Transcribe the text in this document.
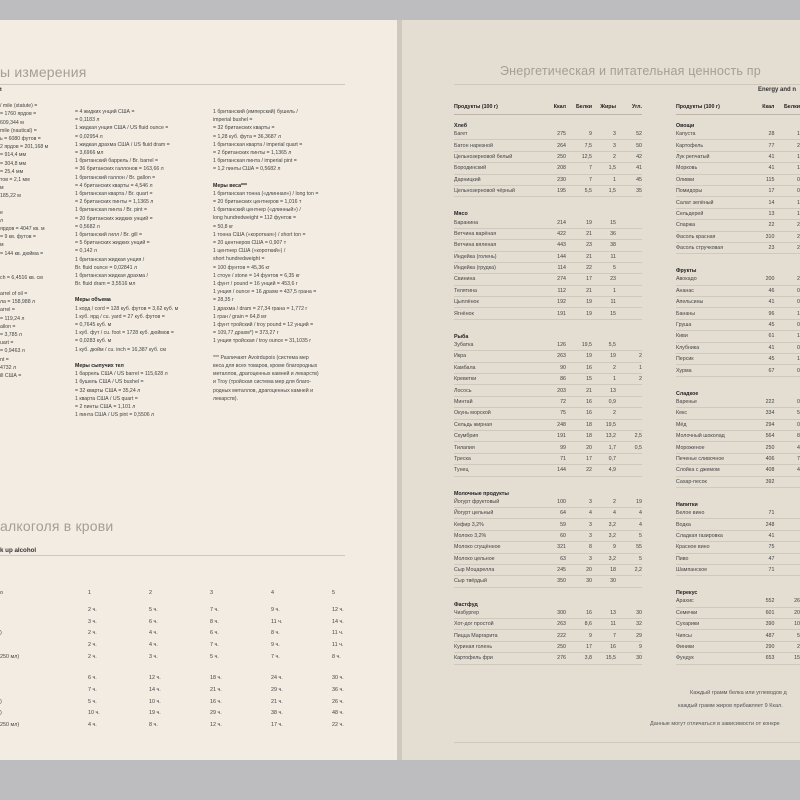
ы измерения
t
/ mile (statute) =
= 1760 ярдов =
609,344 м
mile (nautical) =
ь = 6080 футов =
2 ярдов = 201,168 м
= 914,4 мм
= 304,8 мм
= 25,4 мм
тов = 2,1 мм
м
185,22 м
е
л
ярдов = 4047 кв. м
= 9 кв. футов =
м
= 144 кв. дюйма =
ch = 6,4516 кв. см
arrel of oil =
ла = 158,988 л
arrel =
= 119,24 л
allon =
= 3,785 л
uart =
= 0,9463 л
nt =
4732 л
ill США =
= 4 жидких унций США =
= 0,1183 л
1 жидкая унция США / US fluid ounce =
= 0,02954 л
1 жидкая драхма США / US fluid dram =
= 3,6966 мл
1 британский баррель / Br. barrel =
= 36 британских галлонов = 163,66 л
1 британский галлон / Br. gallon =
= 4 британских кварты = 4,546 л
1 британская кварта / Br. quart =
= 2 британских пинты = 1,1365 л
1 британская пинта / Br. pint =
= 20 британских жидких унций =
= 0,5682 л
1 британский гилл / Br. gill =
= 5 британских жидких унций =
= 0,142 л
1 британская жидкая унция /
Br. fluid ounce = 0,02841 л
1 британская жидкая драхма /
Br. fluid dram = 3,5516 мл
Меры объема
1 корд / cord = 128 куб. футов = 3,62 куб. м
1 куб. ярд / cu. yard = 27 куб. футов =
= 0,7645 куб. м
1 куб. фут / cu. foot = 1728 куб. дюймов =
= 0,0283 куб. м
1 куб. дюйм / cu. inch = 16,387 куб. см
Меры сыпучих тел
1 баррель США / US barrel = 115,628 л
1 бушель США / US bushel =
= 32 кварты США = 35,24 л
1 кварта США / US quart =
= 2 пинты США = 1,101 л
1 пинта США / US pint = 0,5506 л
1 британский (имперский) бушель /
imperial bushel =
= 32 британских кварты =
= 1,28 куб. фута = 36,3687 л
1 британская кварта / imperial quart =
= 2 британских пинты = 1,1365 л
1 британская пинта / imperial pint =
= 1,2 пинты США = 0,5682 л
Меры веса***
1 британская тонна («длинная») / long ton =
= 20 британских центнеров = 1,016 т
1 британский центнер («длинный») /
long hundredweight = 112 фунтов =
= 50,8 кг
1 тонна США («короткая») / short ton =
= 20 центнеров США = 0,907 т
1 центнер США («короткий») /
short hundredweight =
= 100 фунтов = 45,36 кг
1 стоун / stone = 14 фунтов = 6,35 кг
1 фунт / pound = 16 унций = 453,6 г
1 унция / ounce = 16 драхм = 437,5 грана =
= 28,35 г
1 драхма / dram = 27,34 грана = 1,772 г
1 гран / grain = 64,8 мг
1 фунт тройский / troy pound = 12 унций =
= 109,77 драхм*) = 373,27 г
1 унция тройская / troy ounce = 31,1035 г
*** Различают Avoirdupois (система мер
веса для всех товаров, кроме благородных
металлов, драгоценных камней и лекарств)
и Troy (тройская система мер для благо-
родных металлов, драгоценных камней и
лекарств).
алкоголя в крови
k up alcohol
о	1	2	3	4	5
	2 ч.	5 ч.	7 ч.	9 ч.	12 ч.
	3 ч.	6 ч.	8 ч.	11 ч.	14 ч.
)	2 ч.	4 ч.	6 ч.	8 ч.	11 ч.
	2 ч.	4 ч.	7 ч.	9 ч.	11 ч.
250 мл)	2 ч.	3 ч.	5 ч.	7 ч.	8 ч.

	6 ч.	12 ч.	18 ч.	24 ч.	30 ч.
	7 ч.	14 ч.	21 ч.	29 ч.	36 ч.
)	5 ч.	10 ч.	16 ч.	21 ч.	26 ч.
)	10 ч.	19 ч.	29 ч.	38 ч.	48 ч.
250 мл)	4 ч.	8 ч.	12 ч.	17 ч.	22 ч.
Энергетическая и питательная ценность пр
Energy and n
Продукты (100 г)	Ккал	Белки	Жиры	Угл.
Хлеб				
Багет	275	9	3	52
Батон нарезной	264	7,5	3	50
Цельнозерновой белый	250	12,5	2	42
Бородинский	208	7	1,5	41
Дарницкий	230	7	1	45
Цельнозерновой чёрный	195	5,5	1,5	35

Мясо				
Баранина	214	19	15	
Ветчина варёная	422	21	36	
Ветчина вяленая	443	23	38	
Индейка (голень)	144	21	11	
Индейка (грудка)	114	22	5	
Свинина	274	17	23	
Телятина	112	21	1	
Цыплёнок	192	19	11	
Ягнёнок	191	19	15	

Рыба				
Зубатка	126	19,5	5,5	
Икра	263	19	19	2
Камбала	90	16	2	1
Креветки	86	15	1	2
Лосось	203	21	13	
Минтай	72	16	0,9	
Окунь морской	75	16	2	
Сельдь жирная	248	18	19,5	
Скумбрия	191	18	13,2	2,5
Тилапия	99	20	1,7	0,5
Треска	71	17	0,7	
Тунец	144	22	4,9	

Молочные продукты				
Йогурт фруктовый	100	3	2	19
Йогурт цельный	64	4	4	4
Кефир 3,2%	59	3	3,2	4
Молоко 3,2%	60	3	3,2	5
Молоко сгущённое	321	8	9	55
Молоко цельное	63	3	3,2	5
Сыр Моцарелла	245	20	18	2,2
Сыр твёрдый	350	30	30	

Фастфуд				
Чизбургер	300	16	13	30
Хот-дог простой	263	8,6	11	32
Пицца Маргарита	222	9	7	29
Куриная голень	250	17	16	9
Картофель фри	276	3,8	15,5	30
Продукты (100 г)	Ккал	Белки
Овощи		
Капуста	28	1
Картофель	77	2
Лук репчатый	41	1
Морковь	41	1
Оливки	115	0
Помидоры	17	0
Салат зелёный	14	1
Сельдерей	13	1
Спаржа	22	2
Фасоль красная	310	2
Фасоль стручковая	23	2

Фрукты		
Авокадо	200	2
Ананас	46	0
Апельсины	41	0
Бананы	96	1
Груша	45	0
Киви	61	1
Клубника	41	0
Персик	45	1
Хурма	67	0

Сладкое		
Варенье	222	0
Кекс	334	5
Мёд	294	0
Молочный шоколад	564	8
Мороженое	250	4
Печенье сливочное	406	7
Слойка с джемом	408	4
Сахар-песок	392	

Напитки		
Белое вино	71	
Водка	248	
Сладкая газировка	41	
Красное вино	75	
Пиво	47	
Шампанское	71	

Перекус		
Арахис	552	26
Семечки	601	20
Сухарики	390	10
Чипсы	487	5
Финики	290	2
Фундук	653	15
Каждый грамм белка или углеводов д
каждый грамм жиров прибавляет 9 Ккал.
Данные могут отличаться в зависимости от конкре
